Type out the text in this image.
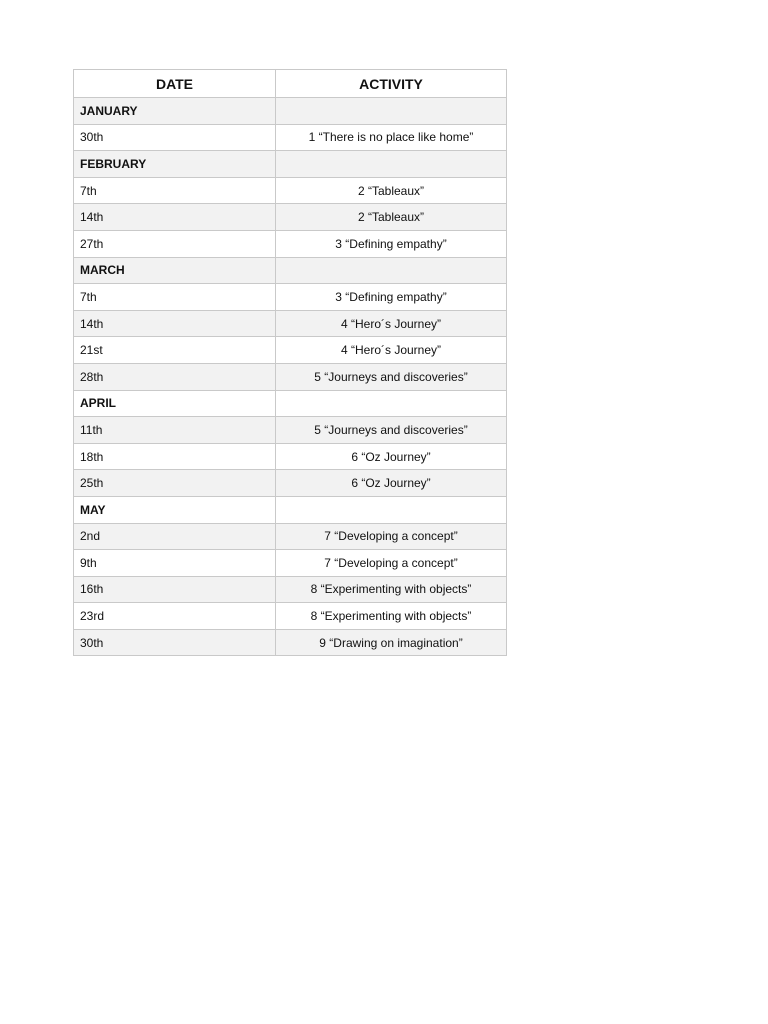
DATE	ACTIVITY
JANUARY	
30th	1 “There is no place like home”
FEBRUARY	
7th	2 “Tableaux”
14th	2 “Tableaux”
27th	3 “Defining empathy”
MARCH	
7th	3 “Defining empathy”
14th	4 “Hero´s Journey”
21st	4 “Hero´s Journey”
28th	5 “Journeys and discoveries”
APRIL	
11th	5 “Journeys and discoveries”
18th	6 “Oz Journey”
25th	6 “Oz Journey”
MAY	
2nd	7 “Developing a concept”
9th	7 “Developing a concept”
16th	8 “Experimenting with objects”
23rd	8 “Experimenting with objects”
30th	9 “Drawing on imagination”
